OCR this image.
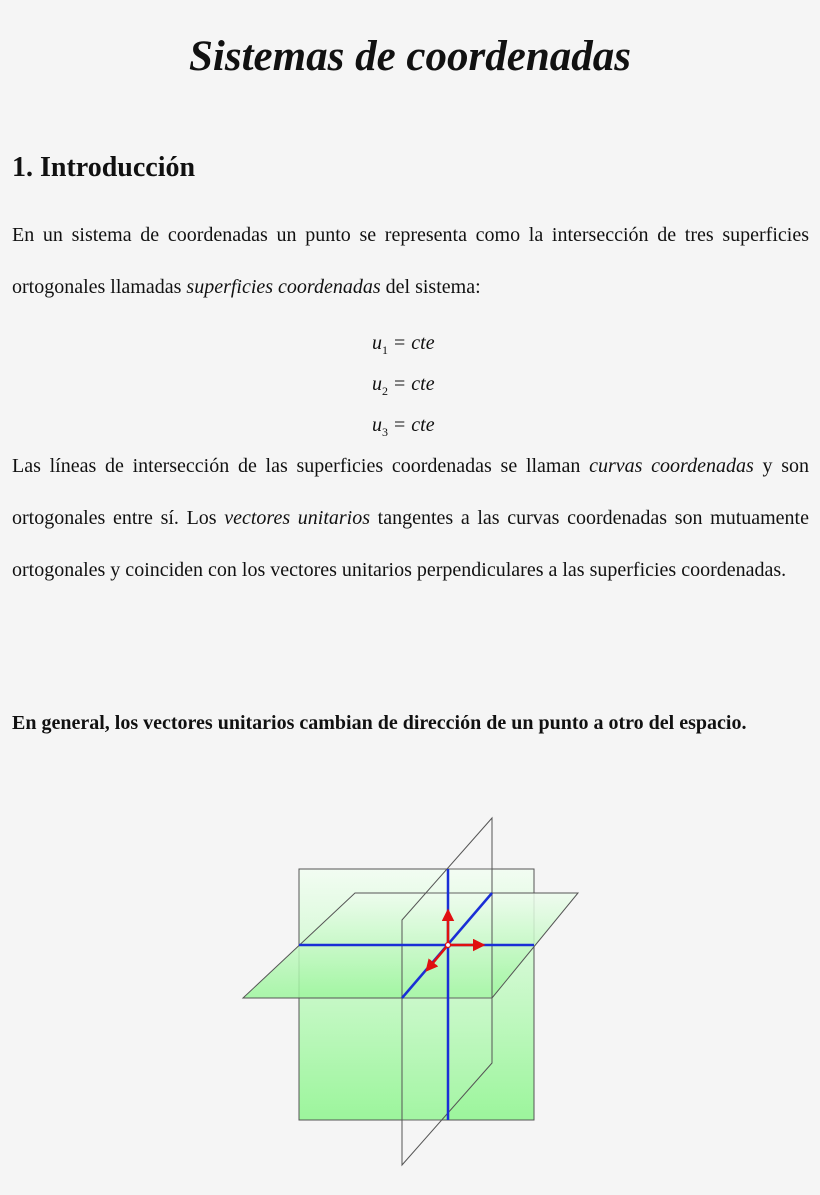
Sistemas de coordenadas
1. Introducción

En un sistema de coordenadas un punto se representa como la intersección de tres superficies ortogonales llamadas superficies coordenadas del sistema:

$u_1$ = cte
$u_2$ = cte
$u_3$ = cte

Las líneas de intersección de las superficies coordenadas se llaman curvas coordenadas y son ortogonales entre sí. Los vectores unitarios tangentes a las curvas coordenadas son mutuamente ortogonales y coinciden con los vectores unitarios perpendiculares a las superficies coordenadas.

En general, los vectores unitarios cambian de dirección de un punto a otro del espacio.
